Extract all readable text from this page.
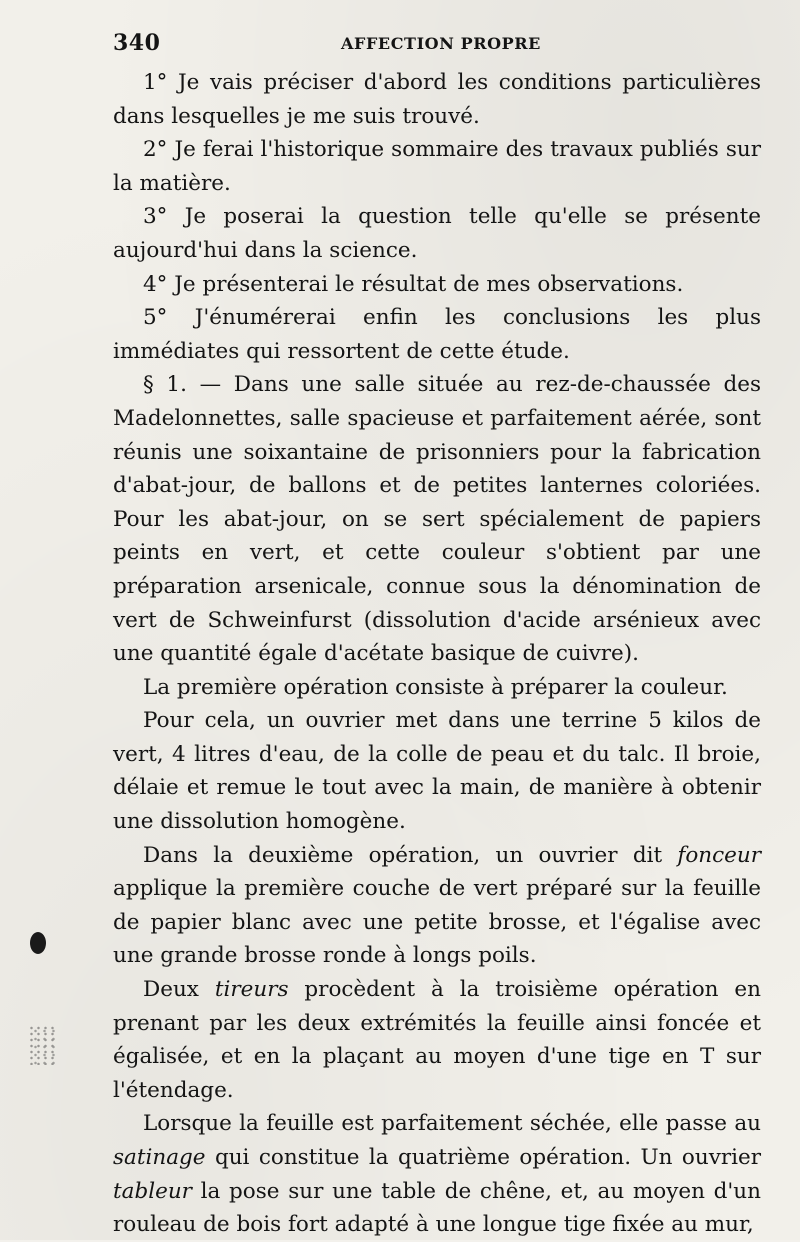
340	AFFECTION PROPRE

1° Je vais préciser d'abord les conditions particulières dans lesquelles je me suis trouvé.

2° Je ferai l'historique sommaire des travaux publiés sur la matière.

3° Je poserai la question telle qu'elle se présente aujourd'hui dans la science.

4° Je présenterai le résultat de mes observations.

5° J'énumérerai enfin les conclusions les plus immédiates qui ressortent de cette étude.

§ 1. — Dans une salle située au rez-de-chaussée des Madelonnettes, salle spacieuse et parfaitement aérée, sont réunis une soixantaine de prisonniers pour la fabrication d'abat-jour, de ballons et de petites lanternes coloriées. Pour les abat-jour, on se sert spécialement de papiers peints en vert, et cette couleur s'obtient par une préparation arsenicale, connue sous la dénomination de vert de Schweinfurst (dissolution d'acide arsénieux avec une quantité égale d'acétate basique de cuivre).

La première opération consiste à préparer la couleur.

Pour cela, un ouvrier met dans une terrine 5 kilos de vert, 4 litres d'eau, de la colle de peau et du talc. Il broie, délaie et remue le tout avec la main, de manière à obtenir une dissolution homogène.

Dans la deuxième opération, un ouvrier dit fonceur applique la première couche de vert préparé sur la feuille de papier blanc avec une petite brosse, et l'égalise avec une grande brosse ronde à longs poils.

Deux tireurs procèdent à la troisième opération en prenant par les deux extrémités la feuille ainsi foncée et égalisée, et en la plaçant au moyen d'une tige en T sur l'étendage.

Lorsque la feuille est parfaitement séchée, elle passe au satinage qui constitue la quatrième opération. Un ouvrier tableur la pose sur une table de chêne, et, au moyen d'un rouleau de bois fort adapté à une longue tige fixée au mur,
